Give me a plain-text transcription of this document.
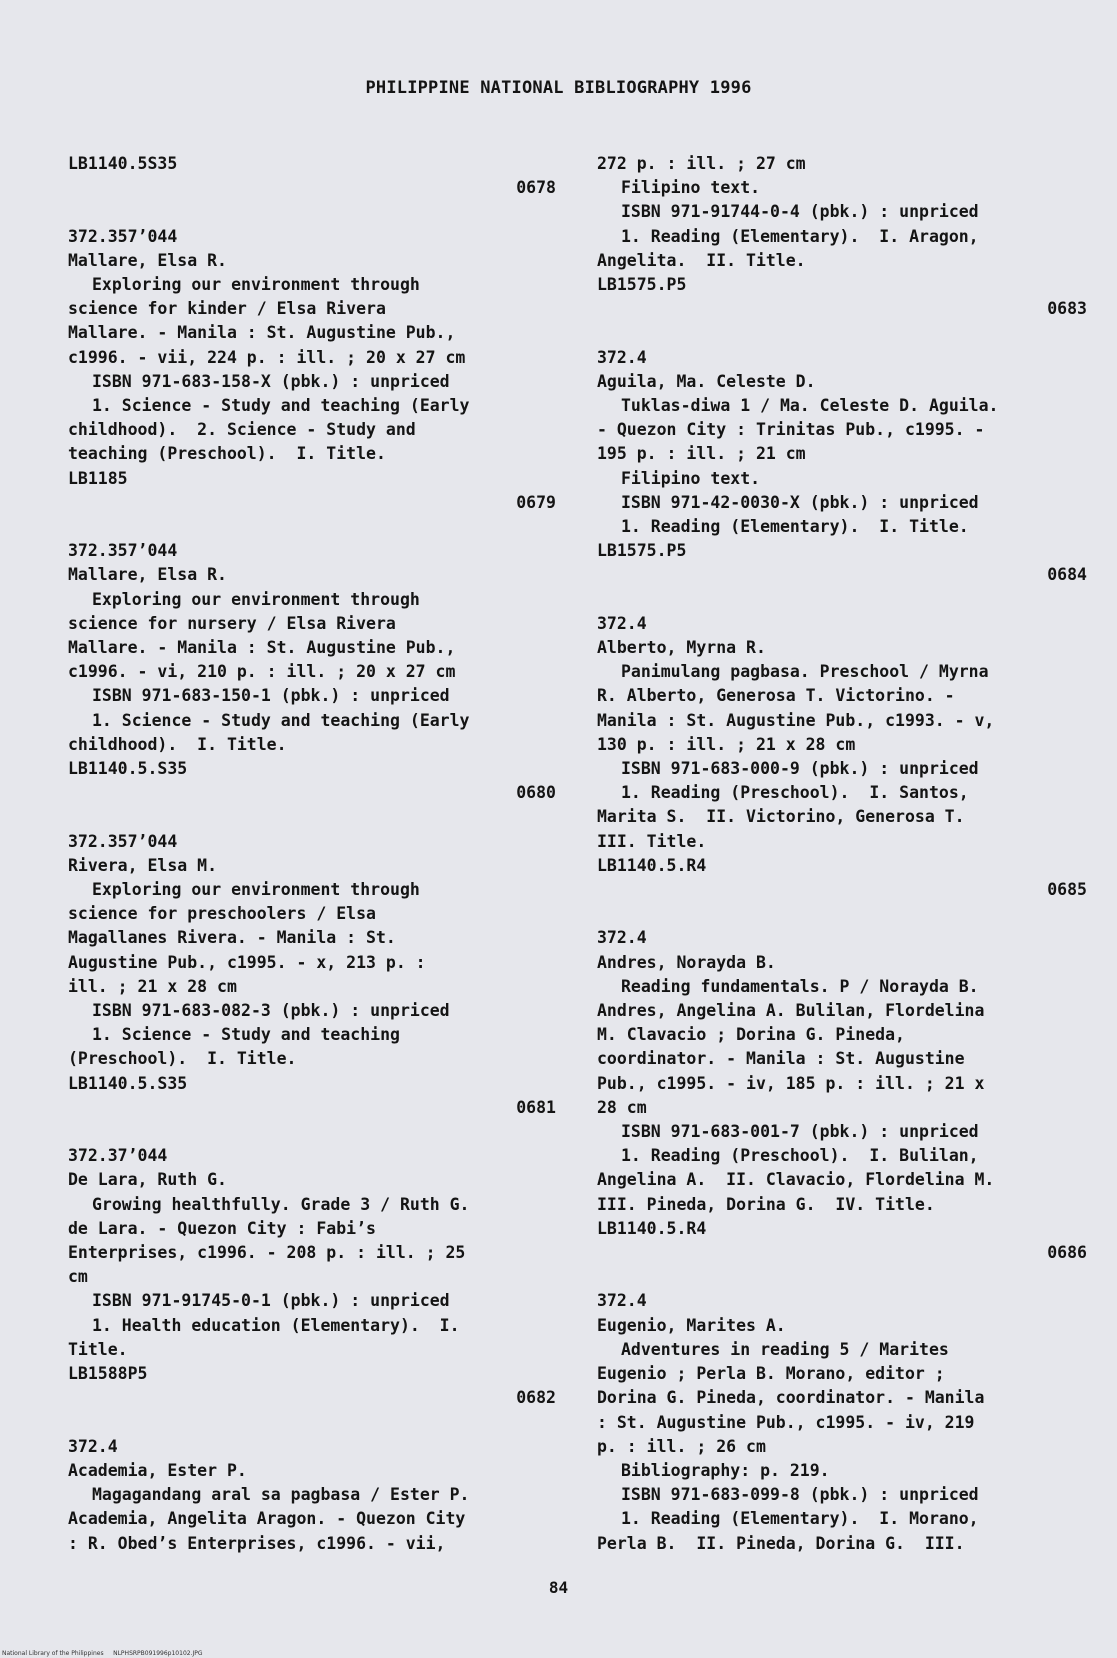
PHILIPPINE NATIONAL BIBLIOGRAPHY 1996
LB1140.5S35
0678
372.357’044
Mallare, Elsa R.
Exploring our environment through
science for kinder / Elsa Rivera
Mallare. - Manila : St. Augustine Pub.,
c1996. - vii, 224 p. : ill. ; 20 x 27 cm
ISBN 971-683-158-X (pbk.) : unpriced
1. Science - Study and teaching (Early
childhood).  2. Science - Study and
teaching (Preschool).  I. Title.
LB1185
0679
372.357’044
Mallare, Elsa R.
Exploring our environment through
science for nursery / Elsa Rivera
Mallare. - Manila : St. Augustine Pub.,
c1996. - vi, 210 p. : ill. ; 20 x 27 cm
ISBN 971-683-150-1 (pbk.) : unpriced
1. Science - Study and teaching (Early
childhood).  I. Title.
LB1140.5.S35
0680
372.357’044
Rivera, Elsa M.
Exploring our environment through
science for preschoolers / Elsa
Magallanes Rivera. - Manila : St.
Augustine Pub., c1995. - x, 213 p. :
ill. ; 21 x 28 cm
ISBN 971-683-082-3 (pbk.) : unpriced
1. Science - Study and teaching
(Preschool).  I. Title.
LB1140.5.S35
0681
372.37’044
De Lara, Ruth G.
Growing healthfully. Grade 3 / Ruth G.
de Lara. - Quezon City : Fabi’s
Enterprises, c1996. - 208 p. : ill. ; 25
cm
ISBN 971-91745-0-1 (pbk.) : unpriced
1. Health education (Elementary).  I.
Title.
LB1588P5
0682
372.4
Academia, Ester P.
Magagandang aral sa pagbasa / Ester P.
Academia, Angelita Aragon. - Quezon City
: R. Obed’s Enterprises, c1996. - vii,
272 p. : ill. ; 27 cm
Filipino text.
ISBN 971-91744-0-4 (pbk.) : unpriced
1. Reading (Elementary).  I. Aragon,
Angelita.  II. Title.
LB1575.P5
0683
372.4
Aguila, Ma. Celeste D.
Tuklas-diwa 1 / Ma. Celeste D. Aguila.
- Quezon City : Trinitas Pub., c1995. -
195 p. : ill. ; 21 cm
Filipino text.
ISBN 971-42-0030-X (pbk.) : unpriced
1. Reading (Elementary).  I. Title.
LB1575.P5
0684
372.4
Alberto, Myrna R.
Panimulang pagbasa. Preschool / Myrna
R. Alberto, Generosa T. Victorino. -
Manila : St. Augustine Pub., c1993. - v,
130 p. : ill. ; 21 x 28 cm
ISBN 971-683-000-9 (pbk.) : unpriced
1. Reading (Preschool).  I. Santos,
Marita S.  II. Victorino, Generosa T.
III. Title.
LB1140.5.R4
0685
372.4
Andres, Norayda B.
Reading fundamentals. P / Norayda B.
Andres, Angelina A. Bulilan, Flordelina
M. Clavacio ; Dorina G. Pineda,
coordinator. - Manila : St. Augustine
Pub., c1995. - iv, 185 p. : ill. ; 21 x
28 cm
ISBN 971-683-001-7 (pbk.) : unpriced
1. Reading (Preschool).  I. Bulilan,
Angelina A.  II. Clavacio, Flordelina M.
III. Pineda, Dorina G.  IV. Title.
LB1140.5.R4
0686
372.4
Eugenio, Marites A.
Adventures in reading 5 / Marites
Eugenio ; Perla B. Morano, editor ;
Dorina G. Pineda, coordinator. - Manila
: St. Augustine Pub., c1995. - iv, 219
p. : ill. ; 26 cm
Bibliography: p. 219.
ISBN 971-683-099-8 (pbk.) : unpriced
1. Reading (Elementary).  I. Morano,
Perla B.  II. Pineda, Dorina G.  III.
84
National Library of the Philippines     NLPHSRPB091996p10102.JPG
